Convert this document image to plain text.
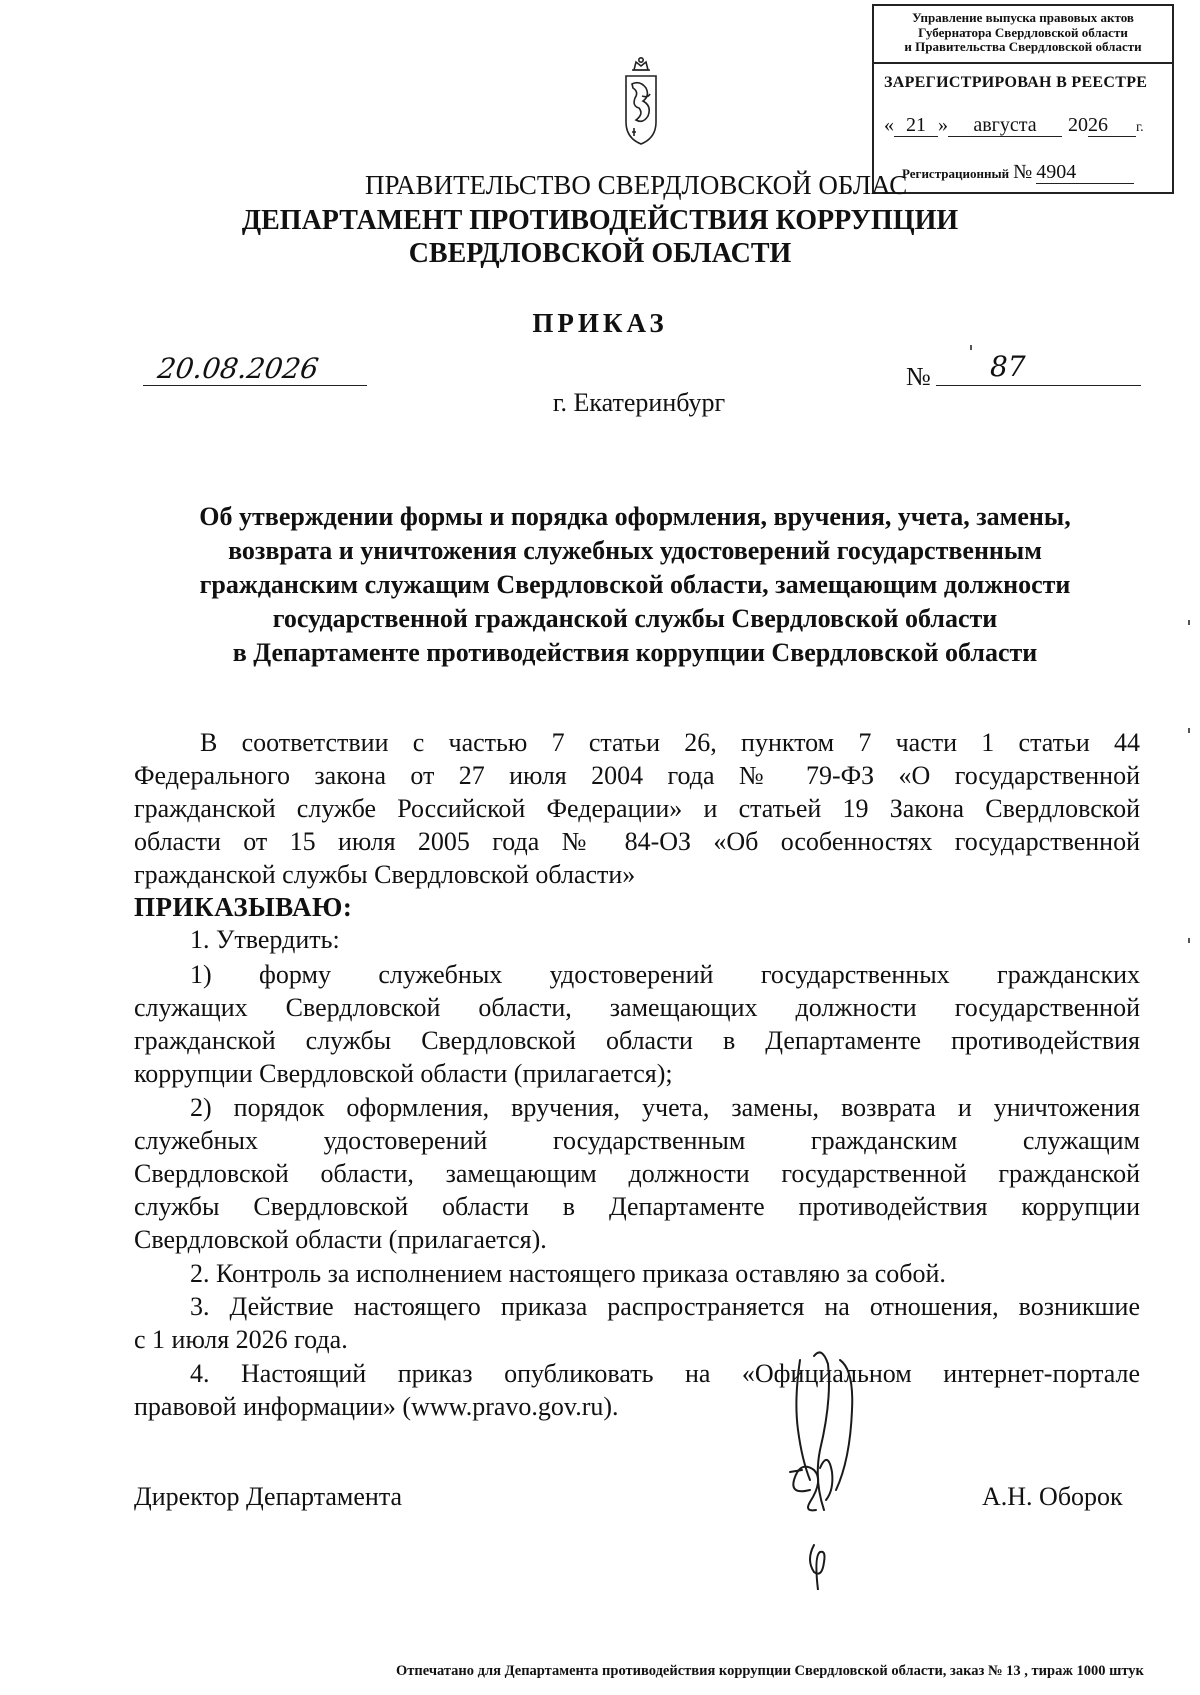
Управление выпуска правовых актов
Губернатора Свердловской области
и Правительства Свердловской области
ЗАРЕГИСТРИРОВАН В РЕЕСТРЕ
« 21 » августа 2026 г.
Регистрационный № 4904
ПРАВИТЕЛЬСТВО СВЕРДЛОВСКОЙ ОБЛАС
ДЕПАРТАМЕНТ ПРОТИВОДЕЙСТВИЯ КОРРУПЦИИ
СВЕРДЛОВСКОЙ ОБЛАСТИ
ПРИКАЗ
20.08.2026	№ 87
г. Екатеринбург
Об утверждении формы и порядка оформления, вручения, учета, замены,
возврата и уничтожения служебных удостоверений государственным
гражданским служащим Свердловской области, замещающим должности
государственной гражданской службы Свердловской области
в Департаменте противодействия коррупции Свердловской области
В соответствии с частью 7 статьи 26, пунктом 7 части 1 статьи 44
Федерального закона от 27 июля 2004 года № 79-ФЗ «О государственной
гражданской службе Российской Федерации» и статьей 19 Закона Свердловской
области от 15 июля 2005 года № 84-ОЗ «Об особенностях государственной
гражданской службы Свердловской области»
ПРИКАЗЫВАЮ:
1. Утвердить:
1) форму служебных удостоверений государственных гражданских
служащих Свердловской области, замещающих должности государственной
гражданской службы Свердловской области в Департаменте противодействия
коррупции Свердловской области (прилагается);
2) порядок оформления, вручения, учета, замены, возврата и уничтожения
служебных удостоверений государственным гражданским служащим
Свердловской области, замещающим должности государственной гражданской
службы Свердловской области в Департаменте противодействия коррупции
Свердловской области (прилагается).
2. Контроль за исполнением настоящего приказа оставляю за собой.
3. Действие настоящего приказа распространяется на отношения, возникшие
с 1 июля 2026 года.
4. Настоящий приказ опубликовать на «Официальном интернет-портале
правовой информации» (www.pravo.gov.ru).
Директор Департамента	А.Н. Оборок
Отпечатано для Департамента противодействия коррупции Свердловской области, заказ № 13 , тираж 1000 штук
